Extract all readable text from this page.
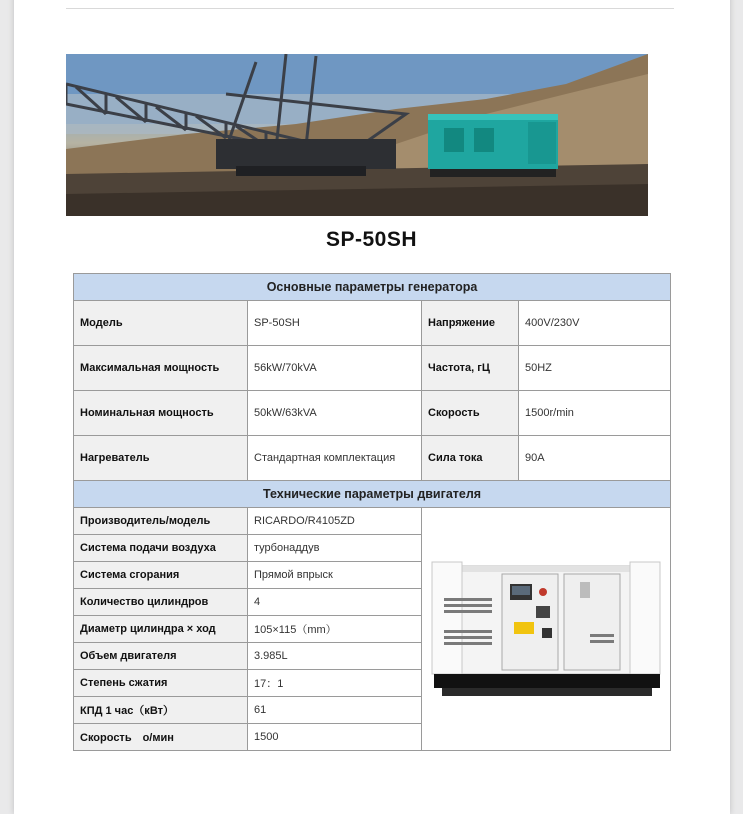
SP-50SH
Основные параметры генератора			
Модель	SP-50SH	Напряжение	400V/230V
Максимальная мощность	56kW/70kVA	Частота, гЦ	50HZ
Номинальная мощность	50kW/63kVA	Скорость	1500r/min
Нагреватель	Стандартная комплектация	Сила тока	90A
Технические параметры двигателя			
Производитель/модель	RICARDO/R4105ZD	
Система подачи воздуха	турбонаддув		
Система сгорания	Прямой впрыск		
Количество цилиндров	4		
Диаметр цилиндра × ход	105×115（mm）		
Объем двигателя	3.985L		
Степень сжатия	17：1		
КПД 1 час（кВт）	61		
Скорость　о/мин	1500		
